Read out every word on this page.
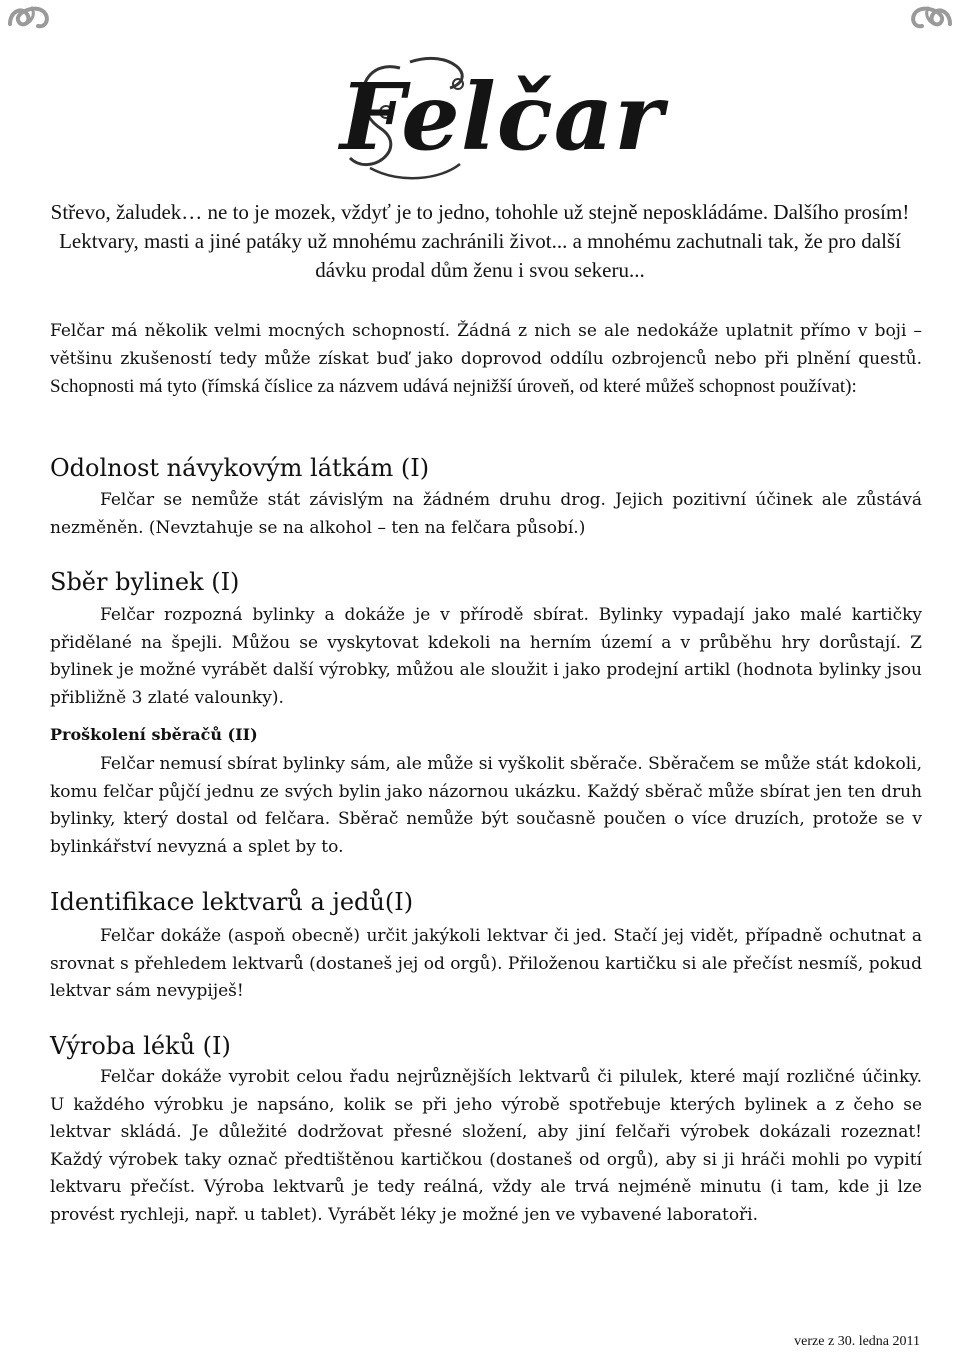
Felčar

Střevo, žaludek… ne to je mozek, vždyť je to jedno, tohohle už stejně neposkládáme. Dalšího prosím! Lektvary, masti a jiné patáky už mnohému zachránili život... a mnohému zachutnali tak, že pro další dávku prodal dům ženu i svou sekeru...

Felčar má několik velmi mocných schopností. Žádná z nich se ale nedokáže uplatnit přímo v boji – většinu zkušeností tedy může získat buď jako doprovod oddílu ozbrojenců nebo při plnění questů. Schopnosti má tyto (římská číslice za názvem udává nejnižší úroveň, od které můžeš schopnost používat):

Odolnost návykovým látkám (I)

Felčar se nemůže stát závislým na žádném druhu drog. Jejich pozitivní účinek ale zůstává nezměněn. (Nevztahuje se na alkohol – ten na felčara působí.)

Sběr bylinek (I)

Felčar rozpozná bylinky a dokáže je v přírodě sbírat. Bylinky vypadají jako malé kartičky přidělané na špejli. Můžou se vyskytovat kdekoli na herním území a v průběhu hry dorůstají. Z bylinek je možné vyrábět další výrobky, můžou ale sloužit i jako prodejní artikl (hodnota bylinky jsou přibližně 3 zlaté valounky).

Proškolení sběračů (II)

Felčar nemusí sbírat bylinky sám, ale může si vyškolit sběrače. Sběračem se může stát kdokoli, komu felčar půjčí jednu ze svých bylin jako názornou ukázku. Každý sběrač může sbírat jen ten druh bylinky, který dostal od felčara. Sběrač nemůže být současně poučen o více druzích, protože se v bylinkářství nevyzná a splet by to.

Identifikace lektvarů a jedů(I)

Felčar dokáže (aspoň obecně) určit jakýkoli lektvar či jed. Stačí jej vidět, případně ochutnat a srovnat s přehledem lektvarů (dostaneš jej od orgů). Přiloženou kartičku si ale přečíst nesmíš, pokud lektvar sám nevypiješ!

Výroba léků (I)

Felčar dokáže vyrobit celou řadu nejrůznějších lektvarů či pilulek, které mají rozličné účinky. U každého výrobku je napsáno, kolik se při jeho výrobě spotřebuje kterých bylinek a z čeho se lektvar skládá. Je důležité dodržovat přesné složení, aby jiní felčaři výrobek dokázali rozeznat! Každý výrobek taky označ předtištěnou kartičkou (dostaneš od orgů), aby si ji hráči mohli po vypití lektvaru přečíst. Výroba lektvarů je tedy reálná, vždy ale trvá nejméně minutu (i tam, kde ji lze provést rychleji, např. u tablet). Vyrábět léky je možné jen ve vybavené laboratoři.

verze z 30. ledna 2011
